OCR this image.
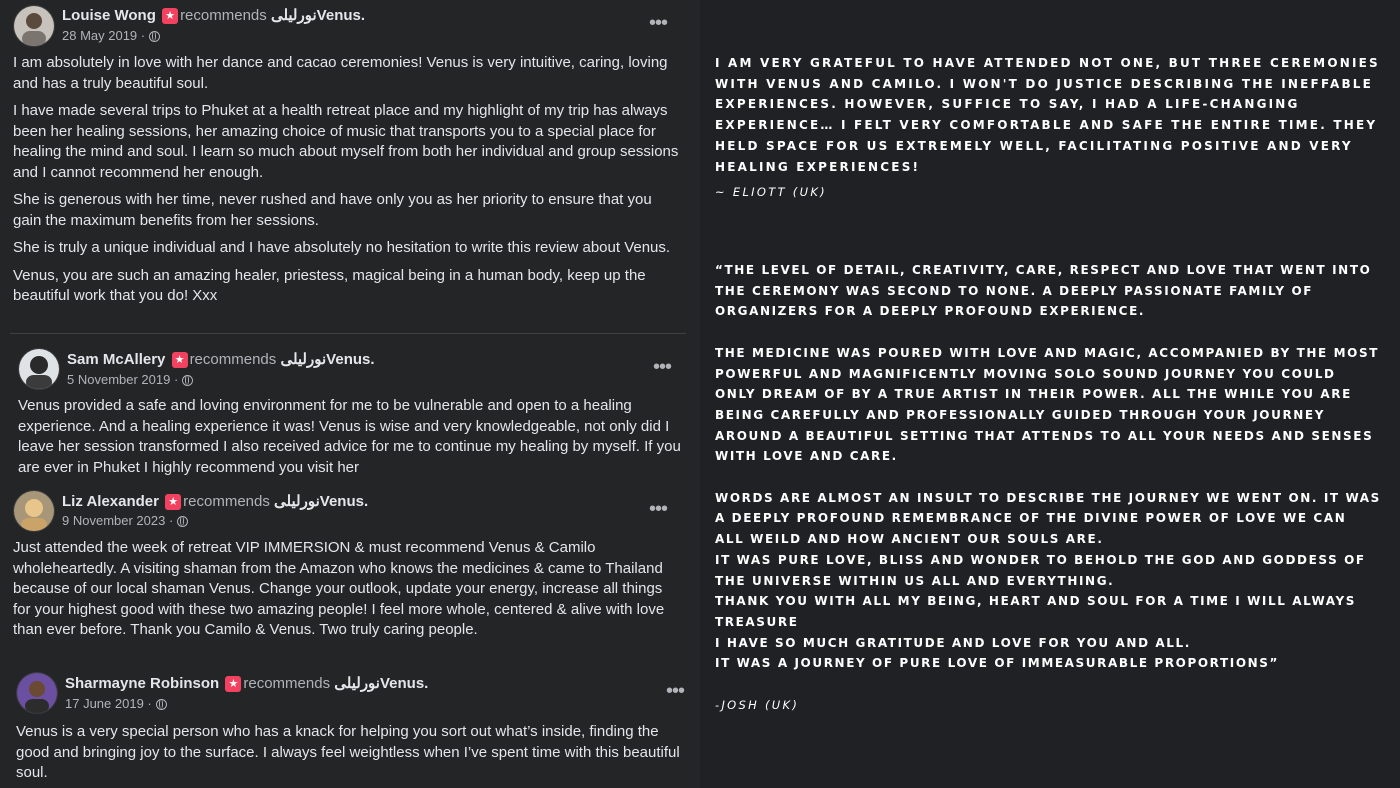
Louise Wong ★ recommends نورليلىVenus.
28 May 2019 ·
•••

I am absolutely in love with her dance and cacao ceremonies! Venus is very intuitive, caring, loving and has a truly beautiful soul.

I have made several trips to Phuket at a health retreat place and my highlight of my trip has always been her healing sessions, her amazing choice of music that transports you to a special place for healing the mind and soul. I learn so much about myself from both her individual and group sessions and I cannot recommend her enough.

She is generous with her time, never rushed and have only you as her priority to ensure that you gain the maximum benefits from her sessions.

She is truly a unique individual and I have absolutely no hesitation to write this review about Venus.

Venus, you are such an amazing healer, priestess, magical being in a human body, keep up the beautiful work that you do! Xxx

Sam McAllery ★ recommends نورليلىVenus.
5 November 2019 ·
•••

Venus provided a safe and loving environment for me to be vulnerable and open to a healing experience. And a healing experience it was! Venus is wise and very knowledgeable, not only did I leave her session transformed I also received advice for me to continue my healing by myself. If you are ever in Phuket I highly recommend you visit her

Liz Alexander ★ recommends نورليلىVenus.
9 November 2023 ·
•••

Just attended the week of retreat VIP IMMERSION & must recommend Venus & Camilo wholeheartedly. A visiting shaman from the Amazon who knows the medicines & came to Thailand because of our local shaman Venus. Change your outlook, update your energy, increase all things for your highest good with these two amazing people! I feel more whole, centered & alive with love than ever before. Thank you Camilo & Venus. Two truly caring people.

Sharmayne Robinson ★ recommends نورليلىVenus.
17 June 2019 ·
•••

Venus is a very special person who has a knack for helping you sort out what’s inside, finding the good and bringing joy to the surface. I always feel weightless when I’ve spent time with this beautiful soul.

I AM VERY GRATEFUL TO HAVE ATTENDED NOT ONE, BUT THREE CEREMONIES
WITH VENUS AND CAMILO. I WON'T DO JUSTICE DESCRIBING THE INEFFABLE
EXPERIENCES. HOWEVER, SUFFICE TO SAY, I HAD A LIFE-CHANGING
EXPERIENCE… I FELT VERY COMFORTABLE AND SAFE THE ENTIRE TIME. THEY
HELD SPACE FOR US EXTREMELY WELL, FACILITATING POSITIVE AND VERY
HEALING EXPERIENCES!
~ ELIOTT (UK)
“THE LEVEL OF DETAIL, CREATIVITY, CARE, RESPECT AND LOVE THAT WENT INTO
THE CEREMONY WAS SECOND TO NONE. A DEEPLY PASSIONATE FAMILY OF
ORGANIZERS FOR A DEEPLY PROFOUND EXPERIENCE.
THE MEDICINE WAS POURED WITH LOVE AND MAGIC, ACCOMPANIED BY THE MOST
POWERFUL AND MAGNIFICENTLY MOVING SOLO SOUND JOURNEY YOU COULD
ONLY DREAM OF BY A TRUE ARTIST IN THEIR POWER. ALL THE WHILE YOU ARE
BEING CAREFULLY AND PROFESSIONALLY GUIDED THROUGH YOUR JOURNEY
AROUND A BEAUTIFUL SETTING THAT ATTENDS TO ALL YOUR NEEDS AND SENSES
WITH LOVE AND CARE.
WORDS ARE ALMOST AN INSULT TO DESCRIBE THE JOURNEY WE WENT ON. IT WAS
A DEEPLY PROFOUND REMEMBRANCE OF THE DIVINE POWER OF LOVE WE CAN
ALL WEILD AND HOW ANCIENT OUR SOULS ARE.
IT WAS PURE LOVE, BLISS AND WONDER TO BEHOLD THE GOD AND GODDESS OF
THE UNIVERSE WITHIN US ALL AND EVERYTHING.
THANK YOU WITH ALL MY BEING, HEART AND SOUL FOR A TIME I WILL ALWAYS
TREASURE
I HAVE SO MUCH GRATITUDE AND LOVE FOR YOU AND ALL.
IT WAS A JOURNEY OF PURE LOVE OF IMMEASURABLE PROPORTIONS”
-JOSH (UK)
